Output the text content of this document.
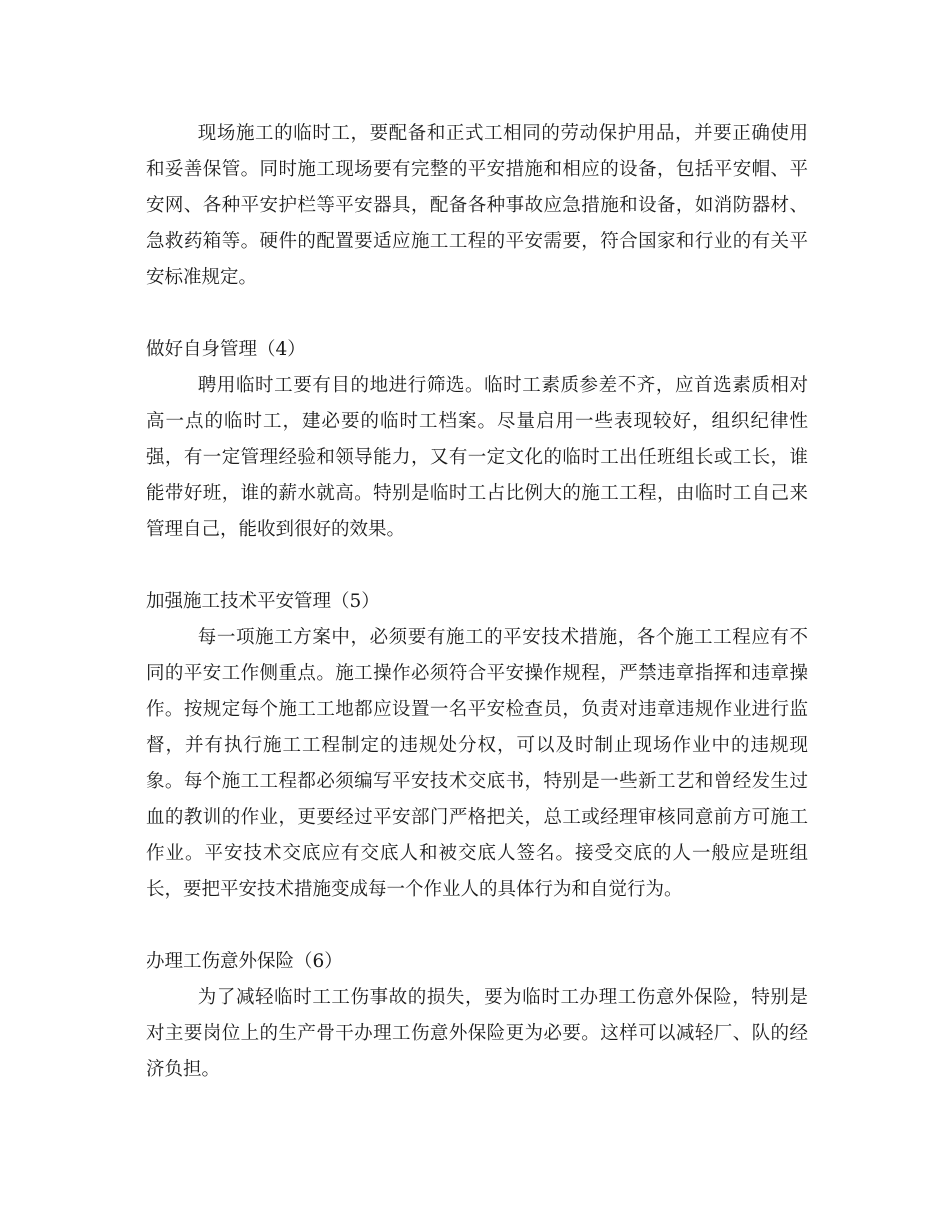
现场施工的临时工，要配备和正式工相同的劳动保护用品，并要正确使用和妥善保管。同时施工现场要有完整的平安措施和相应的设备，包括平安帽、平安网、各种平安护栏等平安器具，配备各种事故应急措施和设备，如消防器材、急救药箱等。硬件的配置要适应施工工程的平安需要，符合国家和行业的有关平安标准规定。

做好自身管理（4）

聘用临时工要有目的地进行筛选。临时工素质参差不齐，应首选素质相对高一点的临时工，建必要的临时工档案。尽量启用一些表现较好，组织纪律性强，有一定管理经验和领导能力，又有一定文化的临时工出任班组长或工长，谁能带好班，谁的薪水就高。特别是临时工占比例大的施工工程，由临时工自己来管理自己，能收到很好的效果。

加强施工技术平安管理（5）

每一项施工方案中，必须要有施工的平安技术措施，各个施工工程应有不同的平安工作侧重点。施工操作必须符合平安操作规程，严禁违章指挥和违章操作。按规定每个施工工地都应设置一名平安检查员，负责对违章违规作业进行监督，并有执行施工工程制定的违规处分权，可以及时制止现场作业中的违规现象。每个施工工程都必须编写平安技术交底书，特别是一些新工艺和曾经发生过血的教训的作业，更要经过平安部门严格把关，总工或经理审核同意前方可施工作业。平安技术交底应有交底人和被交底人签名。接受交底的人一般应是班组长，要把平安技术措施变成每一个作业人的具体行为和自觉行为。

办理工伤意外保险（6）

为了减轻临时工工伤事故的损失，要为临时工办理工伤意外保险，特别是对主要岗位上的生产骨干办理工伤意外保险更为必要。这样可以减轻厂、队的经济负担。
